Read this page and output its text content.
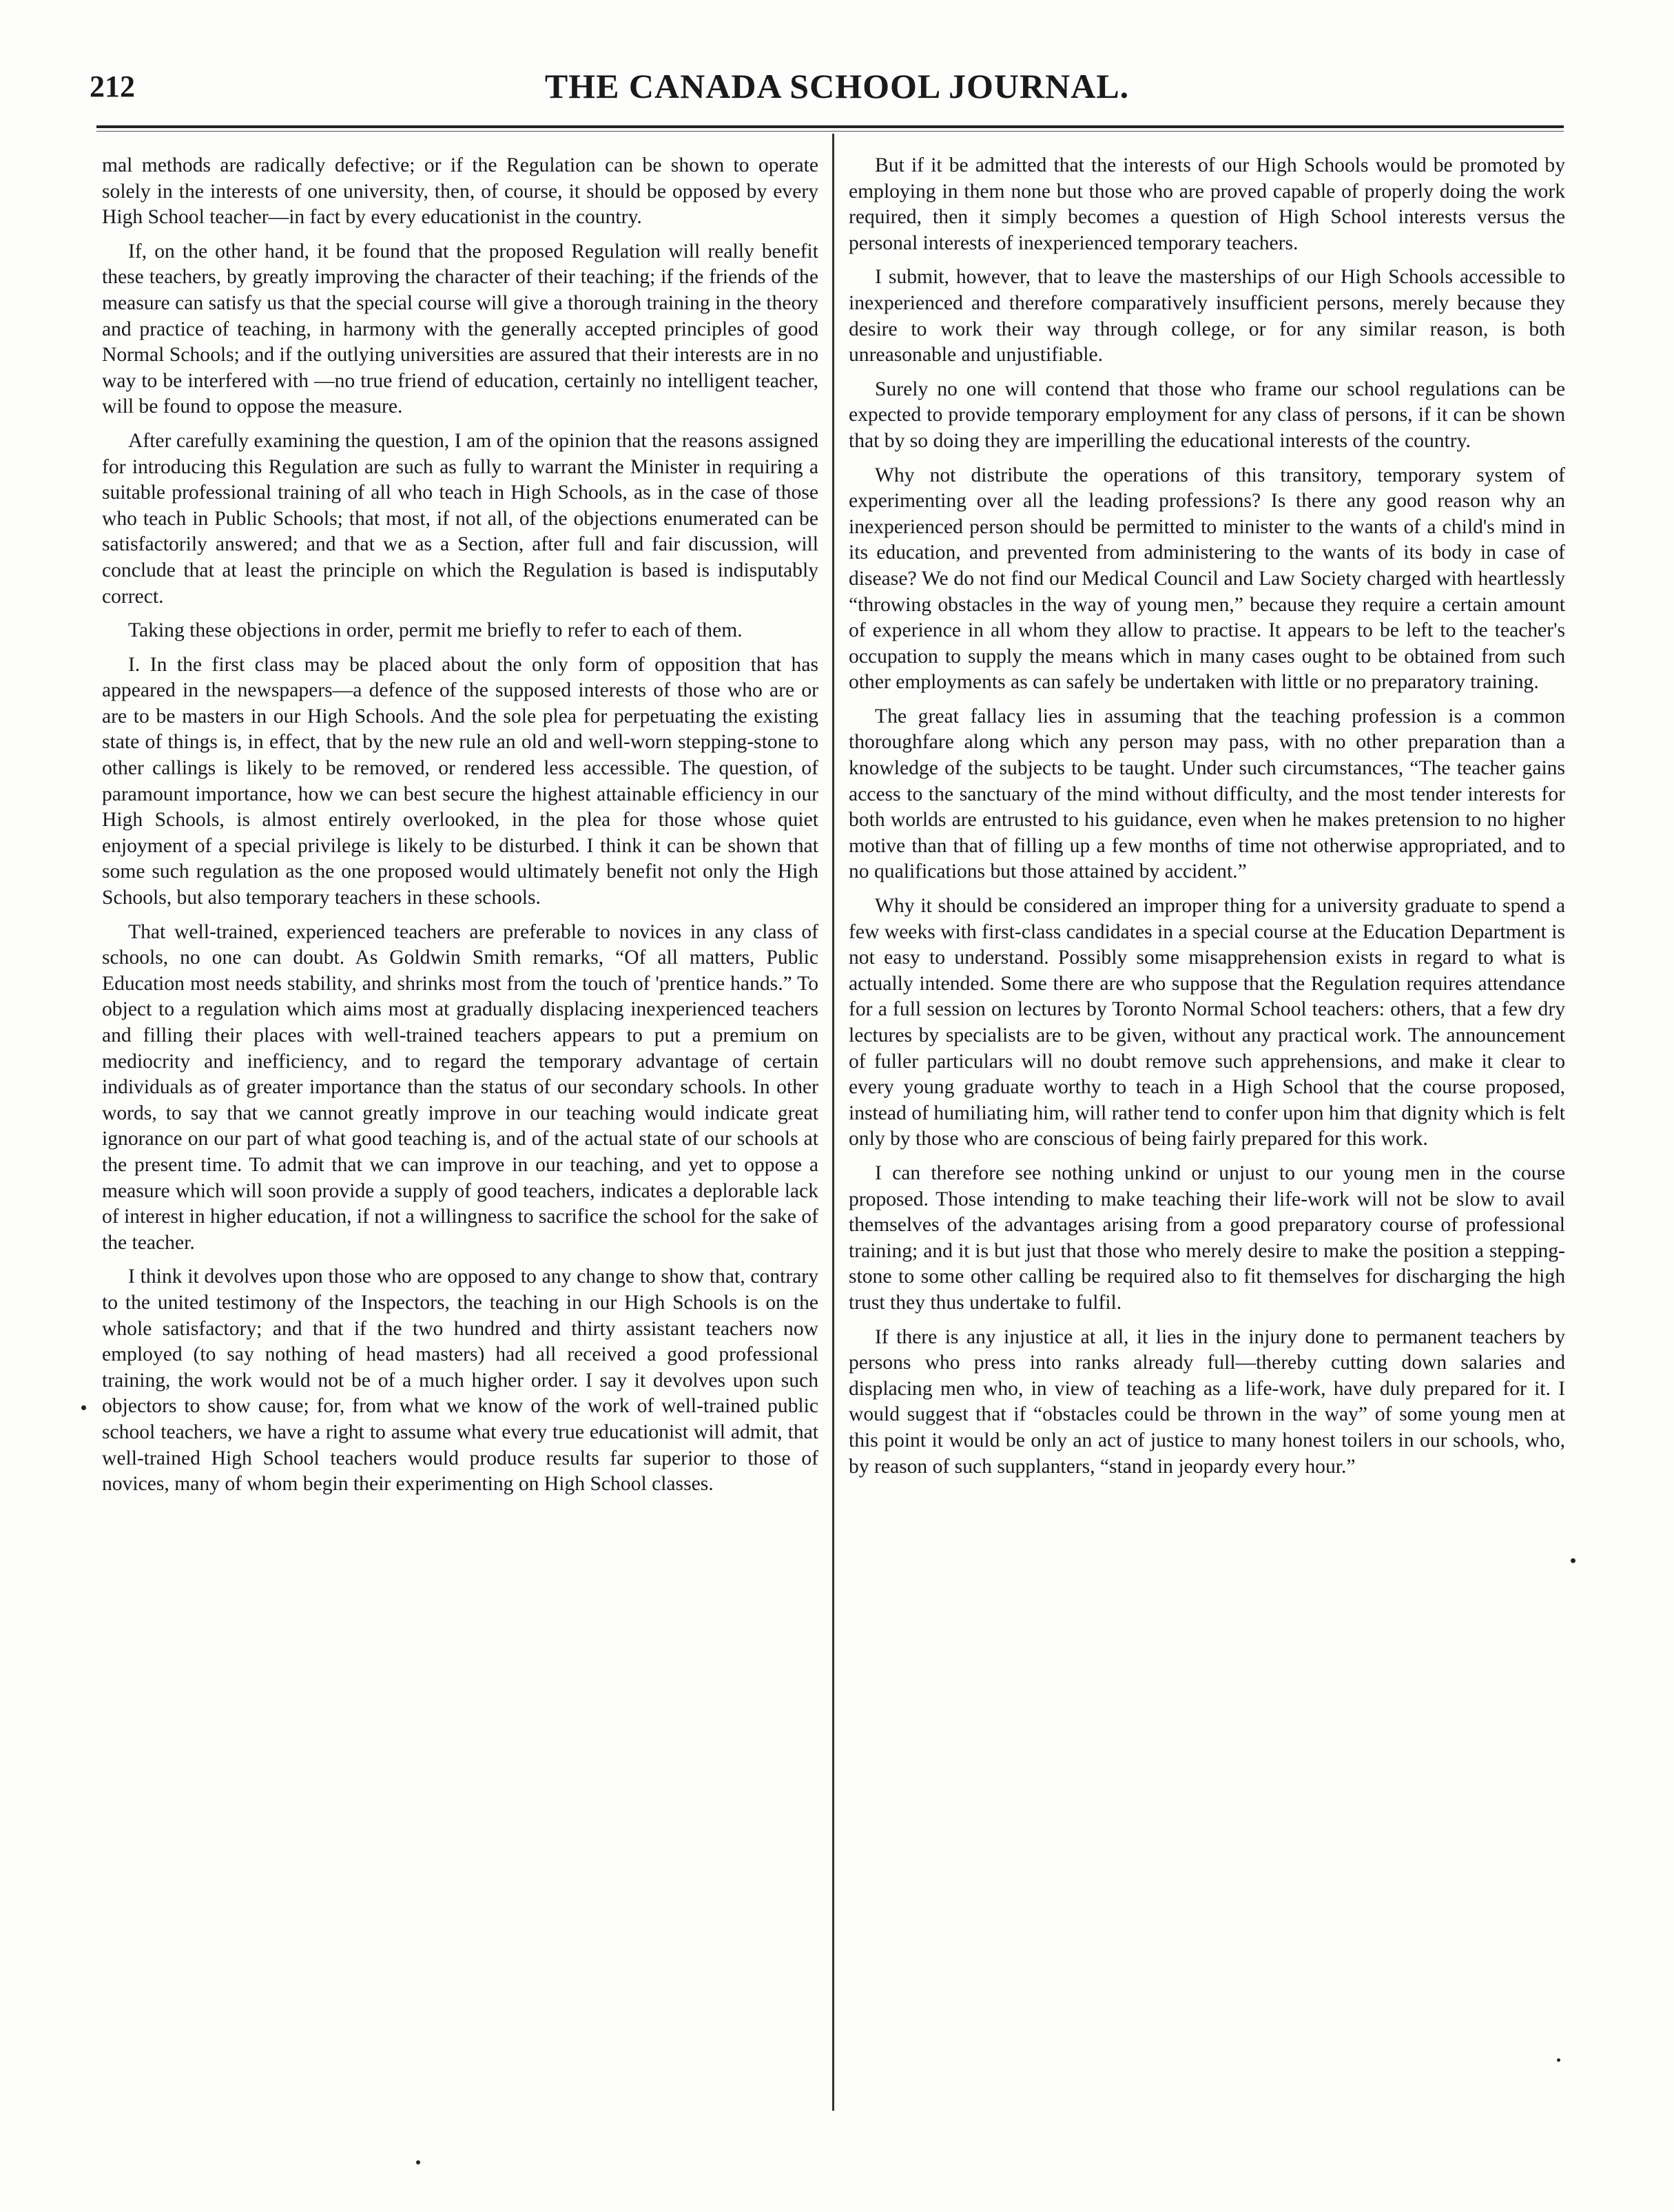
212	THE CANADA SCHOOL JOURNAL.

mal methods are radically defective; or if the Regulation can be shown to operate solely in the interests of one university, then, of course, it should be opposed by every High School teacher—in fact by every educationist in the country.

If, on the other hand, it be found that the proposed Regulation will really benefit these teachers, by greatly improving the character of their teaching; if the friends of the measure can satisfy us that the special course will give a thorough training in the theory and practice of teaching, in harmony with the generally accepted principles of good Normal Schools; and if the outlying universities are assured that their interests are in no way to be interfered with —no true friend of education, certainly no intelligent teacher, will be found to oppose the measure.

After carefully examining the question, I am of the opinion that the reasons assigned for introducing this Regulation are such as fully to warrant the Minister in requiring a suitable professional training of all who teach in High Schools, as in the case of those who teach in Public Schools; that most, if not all, of the objections enumerated can be satisfactorily answered; and that we as a Section, after full and fair discussion, will conclude that at least the principle on which the Regulation is based is indisputably correct.

Taking these objections in order, permit me briefly to refer to each of them.

I. In the first class may be placed about the only form of opposition that has appeared in the newspapers—a defence of the supposed interests of those who are or are to be masters in our High Schools. And the sole plea for perpetuating the existing state of things is, in effect, that by the new rule an old and well-worn stepping-stone to other callings is likely to be removed, or rendered less accessible. The question, of paramount importance, how we can best secure the highest attainable efficiency in our High Schools, is almost entirely overlooked, in the plea for those whose quiet enjoyment of a special privilege is likely to be disturbed. I think it can be shown that some such regulation as the one proposed would ultimately benefit not only the High Schools, but also temporary teachers in these schools.

That well-trained, experienced teachers are preferable to novices in any class of schools, no one can doubt. As Goldwin Smith remarks, “Of all matters, Public Education most needs stability, and shrinks most from the touch of 'prentice hands.” To object to a regulation which aims most at gradually displacing inexperienced teachers and filling their places with well-trained teachers appears to put a premium on mediocrity and inefficiency, and to regard the temporary advantage of certain individuals as of greater importance than the status of our secondary schools. In other words, to say that we cannot greatly improve in our teaching would indicate great ignorance on our part of what good teaching is, and of the actual state of our schools at the present time. To admit that we can improve in our teaching, and yet to oppose a measure which will soon provide a supply of good teachers, indicates a deplorable lack of interest in higher education, if not a willingness to sacrifice the school for the sake of the teacher.

I think it devolves upon those who are opposed to any change to show that, contrary to the united testimony of the Inspectors, the teaching in our High Schools is on the whole satisfactory; and that if the two hundred and thirty assistant teachers now employed (to say nothing of head masters) had all received a good professional training, the work would not be of a much higher order. I say it devolves upon such objectors to show cause; for, from what we know of the work of well-trained public school teachers, we have a right to assume what every true educationist will admit, that well-trained High School teachers would produce results far superior to those of novices, many of whom begin their experimenting on High School classes.

But if it be admitted that the interests of our High Schools would be promoted by employing in them none but those who are proved capable of properly doing the work required, then it simply becomes a question of High School interests versus the personal interests of inexperienced temporary teachers.

I submit, however, that to leave the masterships of our High Schools accessible to inexperienced and therefore comparatively insufficient persons, merely because they desire to work their way through college, or for any similar reason, is both unreasonable and unjustifiable.

Surely no one will contend that those who frame our school regulations can be expected to provide temporary employment for any class of persons, if it can be shown that by so doing they are imperilling the educational interests of the country.

Why not distribute the operations of this transitory, temporary system of experimenting over all the leading professions? Is there any good reason why an inexperienced person should be permitted to minister to the wants of a child's mind in its education, and prevented from administering to the wants of its body in case of disease? We do not find our Medical Council and Law Society charged with heartlessly “throwing obstacles in the way of young men,” because they require a certain amount of experience in all whom they allow to practise. It appears to be left to the teacher's occupation to supply the means which in many cases ought to be obtained from such other employments as can safely be undertaken with little or no preparatory training.

The great fallacy lies in assuming that the teaching profession is a common thoroughfare along which any person may pass, with no other preparation than a knowledge of the subjects to be taught. Under such circumstances, “The teacher gains access to the sanctuary of the mind without difficulty, and the most tender interests for both worlds are entrusted to his guidance, even when he makes pretension to no higher motive than that of filling up a few months of time not otherwise appropriated, and to no qualifications but those attained by accident.”

Why it should be considered an improper thing for a university graduate to spend a few weeks with first-class candidates in a special course at the Education Department is not easy to understand. Possibly some misapprehension exists in regard to what is actually intended. Some there are who suppose that the Regulation requires attendance for a full session on lectures by Toronto Normal School teachers: others, that a few dry lectures by specialists are to be given, without any practical work. The announcement of fuller particulars will no doubt remove such apprehensions, and make it clear to every young graduate worthy to teach in a High School that the course proposed, instead of humiliating him, will rather tend to confer upon him that dignity which is felt only by those who are conscious of being fairly prepared for this work.

I can therefore see nothing unkind or unjust to our young men in the course proposed. Those intending to make teaching their life-work will not be slow to avail themselves of the advantages arising from a good preparatory course of professional training; and it is but just that those who merely desire to make the position a stepping-stone to some other calling be required also to fit themselves for discharging the high trust they thus undertake to fulfil.

If there is any injustice at all, it lies in the injury done to permanent teachers by persons who press into ranks already full—thereby cutting down salaries and displacing men who, in view of teaching as a life-work, have duly prepared for it. I would suggest that if “obstacles could be thrown in the way” of some young men at this point it would be only an act of justice to many honest toilers in our schools, who, by reason of such supplanters, “stand in jeopardy every hour.”
